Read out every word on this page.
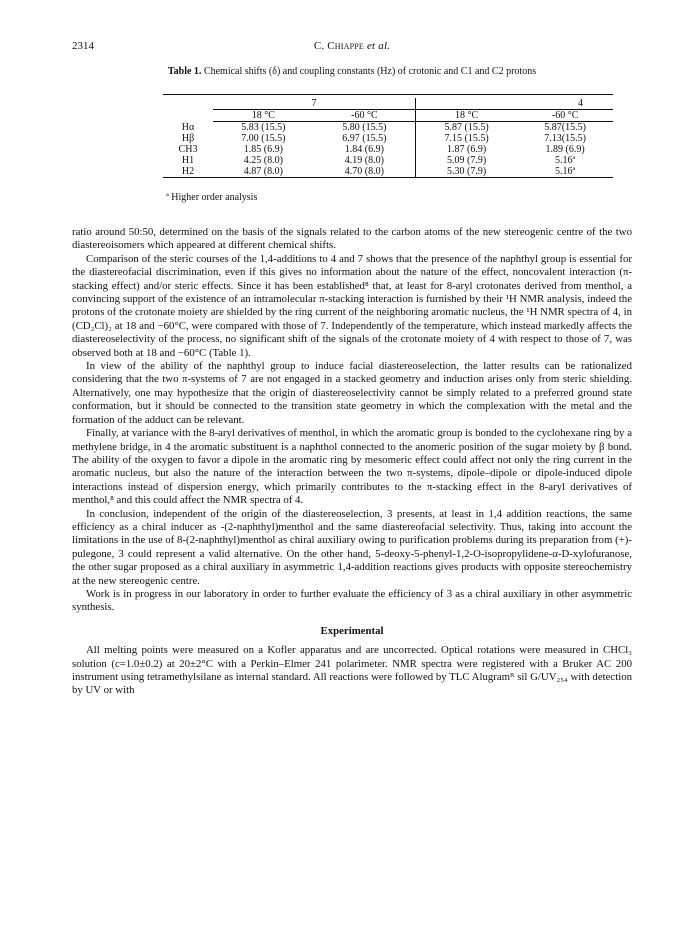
2314	C. Chiappe et al.
Table 1. Chemical shifts (δ) and coupling constants (Hz) of crotonic and C1 and C2 protons

	7		4	
	18 °C	-60 °C	18 °C	-60 °C
Hα	5.83 (15.5)	5.80 (15.5)	5.87 (15.5)	5.87(15.5)
Hβ	7.00 (15.5)	6.97 (15.5)	7.15 (15.5)	7.13(15.5)
CH3	1.85 (6.9)	1.84 (6.9)	1.87 (6.9)	1.89 (6.9)
H1	4.25 (8.0)	4.19 (8.0)	5.09 (7.9)	5.16ª
H2	4.87 (8.0)	4.70 (8.0)	5.30 (7.9)	5.16ª
ª Higher order analysis

ratio around 50:50, determined on the basis of the signals related to the carbon atoms of the new stereogenic centre of the two diastereoisomers which appeared at different chemical shifts.

Comparison of the steric courses of the 1,4-additions to 4 and 7 shows that the presence of the naphthyl group is essential for the diastereofacial discrimination, even if this gives no information about the nature of the effect, noncovalent interaction (π-stacking effect) and/or steric effects. Since it has been established⁸ that, at least for 8-aryl crotonates derived from menthol, a convincing support of the existence of an intramolecular π-stacking interaction is furnished by their ¹H NMR analysis, indeed the protons of the crotonate moiety are shielded by the ring current of the neighboring aromatic nucleus, the ¹H NMR spectra of 4, in (CD₂Cl)₂ at 18 and −60°C, were compared with those of 7. Independently of the temperature, which instead markedly affects the diastereoselectivity of the process, no significant shift of the signals of the crotonate moiety of 4 with respect to those of 7, was observed both at 18 and −60°C (Table 1).

In view of the ability of the naphthyl group to induce facial diastereoselection, the latter results can be rationalized considering that the two π-systems of 7 are not engaged in a stacked geometry and induction arises only from steric shielding. Alternatively, one may hypothesize that the origin of diastereoselectivity cannot be simply related to a preferred ground state conformation, but it should be connected to the transition state geometry in which the complexation with the metal and the formation of the adduct can be relevant.

Finally, at variance with the 8-aryl derivatives of menthol, in which the aromatic group is bonded to the cyclohexane ring by a methylene bridge, in 4 the aromatic substituent is a naphthol connected to the anomeric position of the sugar moiety by β bond. The ability of the oxygen to favor a dipole in the aromatic ring by mesomeric effect could affect not only the ring current in the aromatic nucleus, but also the nature of the interaction between the two π-systems, dipole–dipole or dipole-induced dipole interactions instead of dispersion energy, which primarily contributes to the π-stacking effect in the 8-aryl derivatives of menthol,⁸ and this could affect the NMR spectra of 4.

In conclusion, independent of the origin of the diastereoselection, 3 presents, at least in 1,4 addition reactions, the same efficiency as a chiral inducer as -(2-naphthyl)menthol and the same diastereofacial selectivity. Thus, taking into account the limitations in the use of 8-(2-naphthyl)menthol as chiral auxiliary owing to purification problems during its preparation from (+)-pulegone, 3 could represent a valid alternative. On the other hand, 5-deoxy-5-phenyl-1,2-O-isopropylidene-α-D-xylofuranose, the other sugar proposed as a chiral auxiliary in asymmetric 1,4-addition reactions gives products with opposite stereochemistry at the new stereogenic centre.

Work is in progress in our laboratory in order to further evaluate the efficiency of 3 as a chiral auxiliary in other asymmetric synthesis.

Experimental

All melting points were measured on a Kofler apparatus and are uncorrected. Optical rotations were measured in CHCl₃ solution (c=1.0±0.2) at 20±2°C with a Perkin–Elmer 241 polarimeter. NMR spectra were registered with a Bruker AC 200 instrument using tetramethylsilane as internal standard. All reactions were followed by TLC Alugramᴿ sil G/UV₂₅₄ with detection by UV or with
